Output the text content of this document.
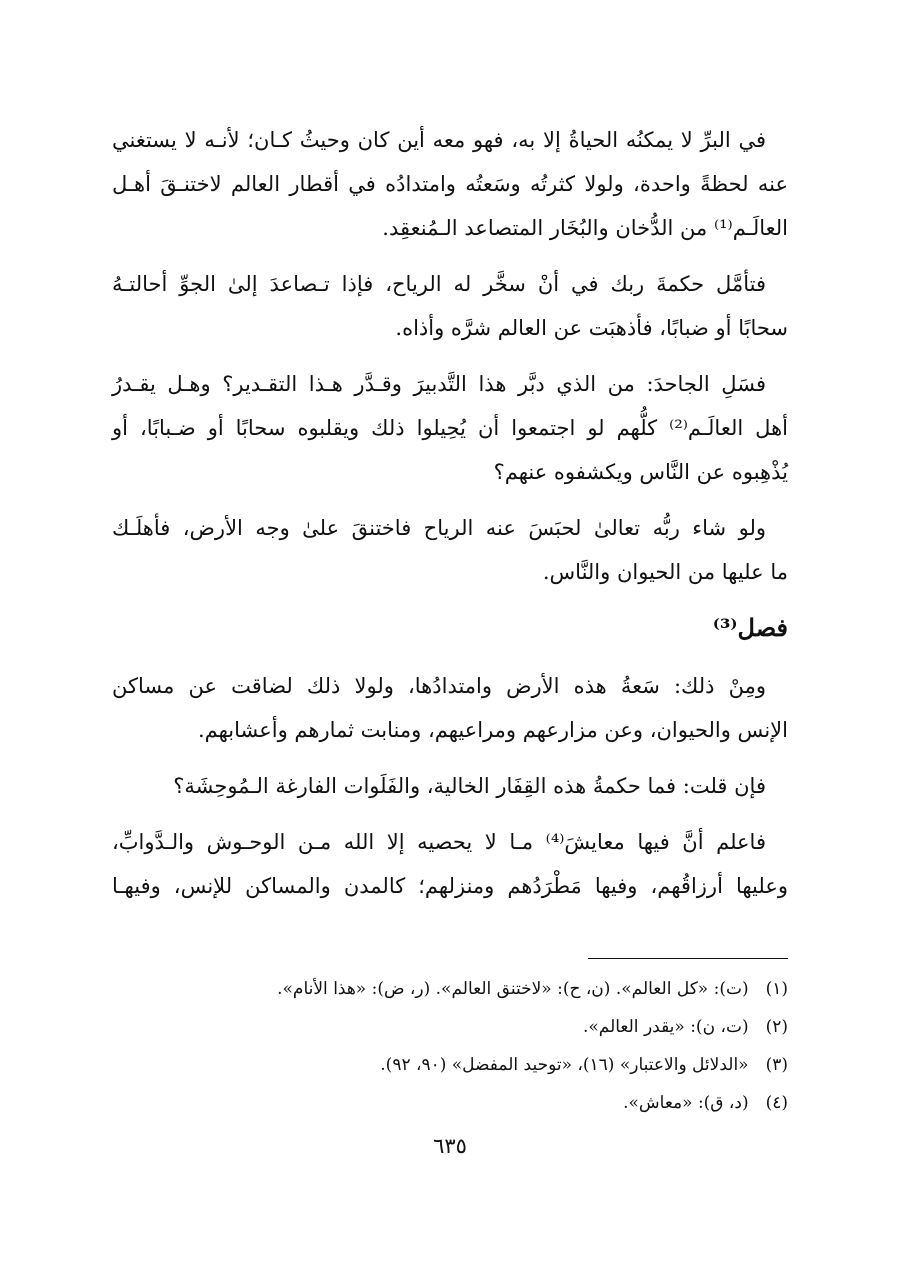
في البرِّ لا يمكنُه الحياةُ إلا به، فهو معه أين كان وحيثُ كـان؛ لأنـه لا يستغني
عنه لحظةً واحدة، ولولا كثرتُه وسَعتُه وامتدادُه في أقطار العالم لاختنـقَ أهـل
العالَـم⁽¹⁾ من الدُّخان والبُخَار المتصاعد الـمُنعقِد.

فتأمَّل حكمةَ ربك في أنْ سخَّر له الرياح، فإذا تـصاعدَ إلىٰ الجوِّ أحالتـهُ
سحابًا أو ضبابًا، فأذهبَت عن العالم شرَّه وأذاه.

فسَلِ الجاحدَ: من الذي دبَّر هذا التَّدبيرَ وقـدَّر هـذا التقـدير؟ وهـل يقـدرُ
أهل العالَـم⁽²⁾ كلُّهم لو اجتمعوا أن يُحِيلوا ذلك ويقلبوه سحابًا أو ضـبابًا، أو
يُذْهِبوه عن النَّاس ويكشفوه عنهم؟

ولو شاء ربُّه تعالىٰ لحبَسَ عنه الرياح فاختنقَ علىٰ وجه الأرض، فأهلَـك
ما عليها من الحيوان والنَّاس.

فصل⁽³⁾

ومِنْ ذلك: سَعةُ هذه الأرض وامتدادُها، ولولا ذلك لضاقت عن مساكن
الإنس والحيوان، وعن مزارعهم ومراعيهم، ومنابت ثمارهم وأعشابهم.

فإن قلت: فما حكمةُ هذه القِفَار الخالية، والفَلَوات الفارغة الـمُوحِشَة؟

فاعلم أنَّ فيها معايشَ⁽⁴⁾ مـا لا يحصيه إلا الله مـن الوحـوش والـدَّوابِّ،
وعليها أرزاقُهم، وفيها مَطْرَدُهم ومنزلهم؛ كالمدن والمساكن للإنس، وفيهـا

(١) (ت): «كل العالم». (ن، ح): «لاختنق العالم». (ر، ض): «هذا الأنام».
(٢) (ت، ن): «يقدر العالم».
(٣) «الدلائل والاعتبار» (١٦)، «توحيد المفضل» (٩٠، ٩٢).
(٤) (د، ق): «معاش».
٦٣٥
